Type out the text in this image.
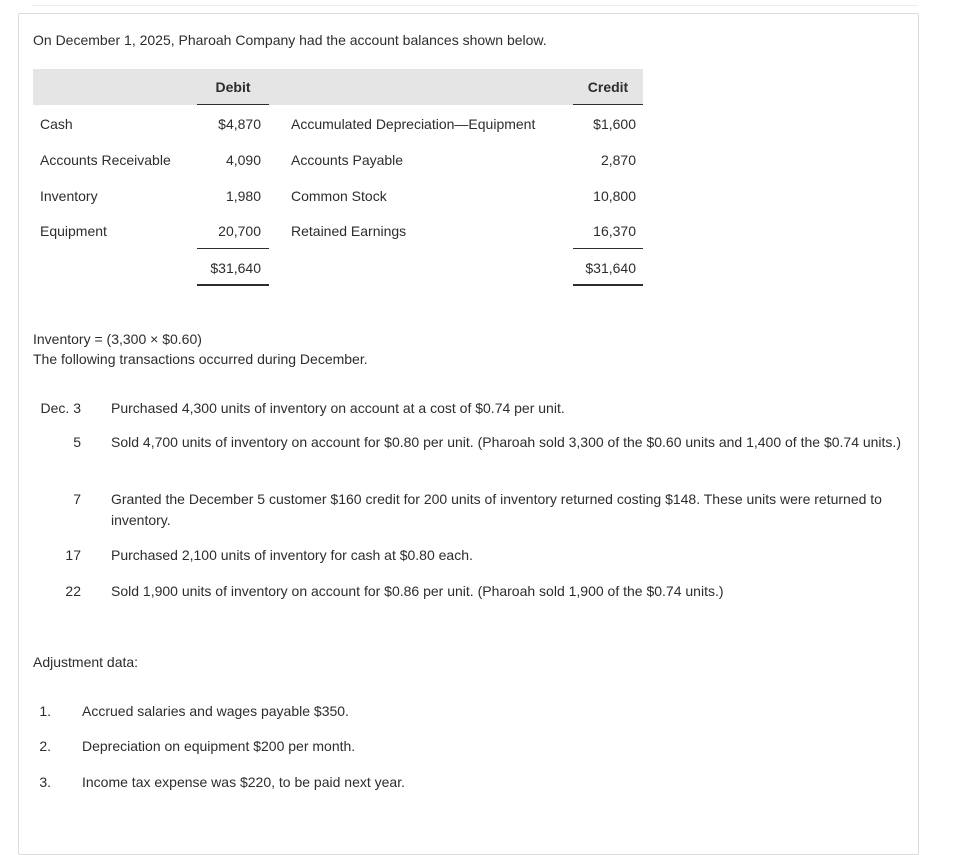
On December 1, 2025, Pharoah Company had the account balances shown below.
Debit	Credit
Cash	$4,870 Accumulated Depreciation—Equipment	$1,600
Accounts Receivable	4,090 Accounts Payable	2,870
Inventory	1,980 Common Stock	10,800
Equipment	20,700 Retained Earnings	16,370
$31,640	$31,640
Inventory = (3,300 × $0.60)
The following transactions occurred during December.
Dec. 3 Purchased 4,300 units of inventory on account at a cost of $0.74 per unit.
5 Sold 4,700 units of inventory on account for $0.80 per unit. (Pharoah sold 3,300 of the $0.60 units and 1,400 of the $0.74 units.)
7 Granted the December 5 customer $160 credit for 200 units of inventory returned costing $148. These units were returned to inventory.
17 Purchased 2,100 units of inventory for cash at $0.80 each.
22 Sold 1,900 units of inventory on account for $0.86 per unit. (Pharoah sold 1,900 of the $0.74 units.)
Adjustment data:
1. Accrued salaries and wages payable $350.
2. Depreciation on equipment $200 per month.
3. Income tax expense was $220, to be paid next year.
